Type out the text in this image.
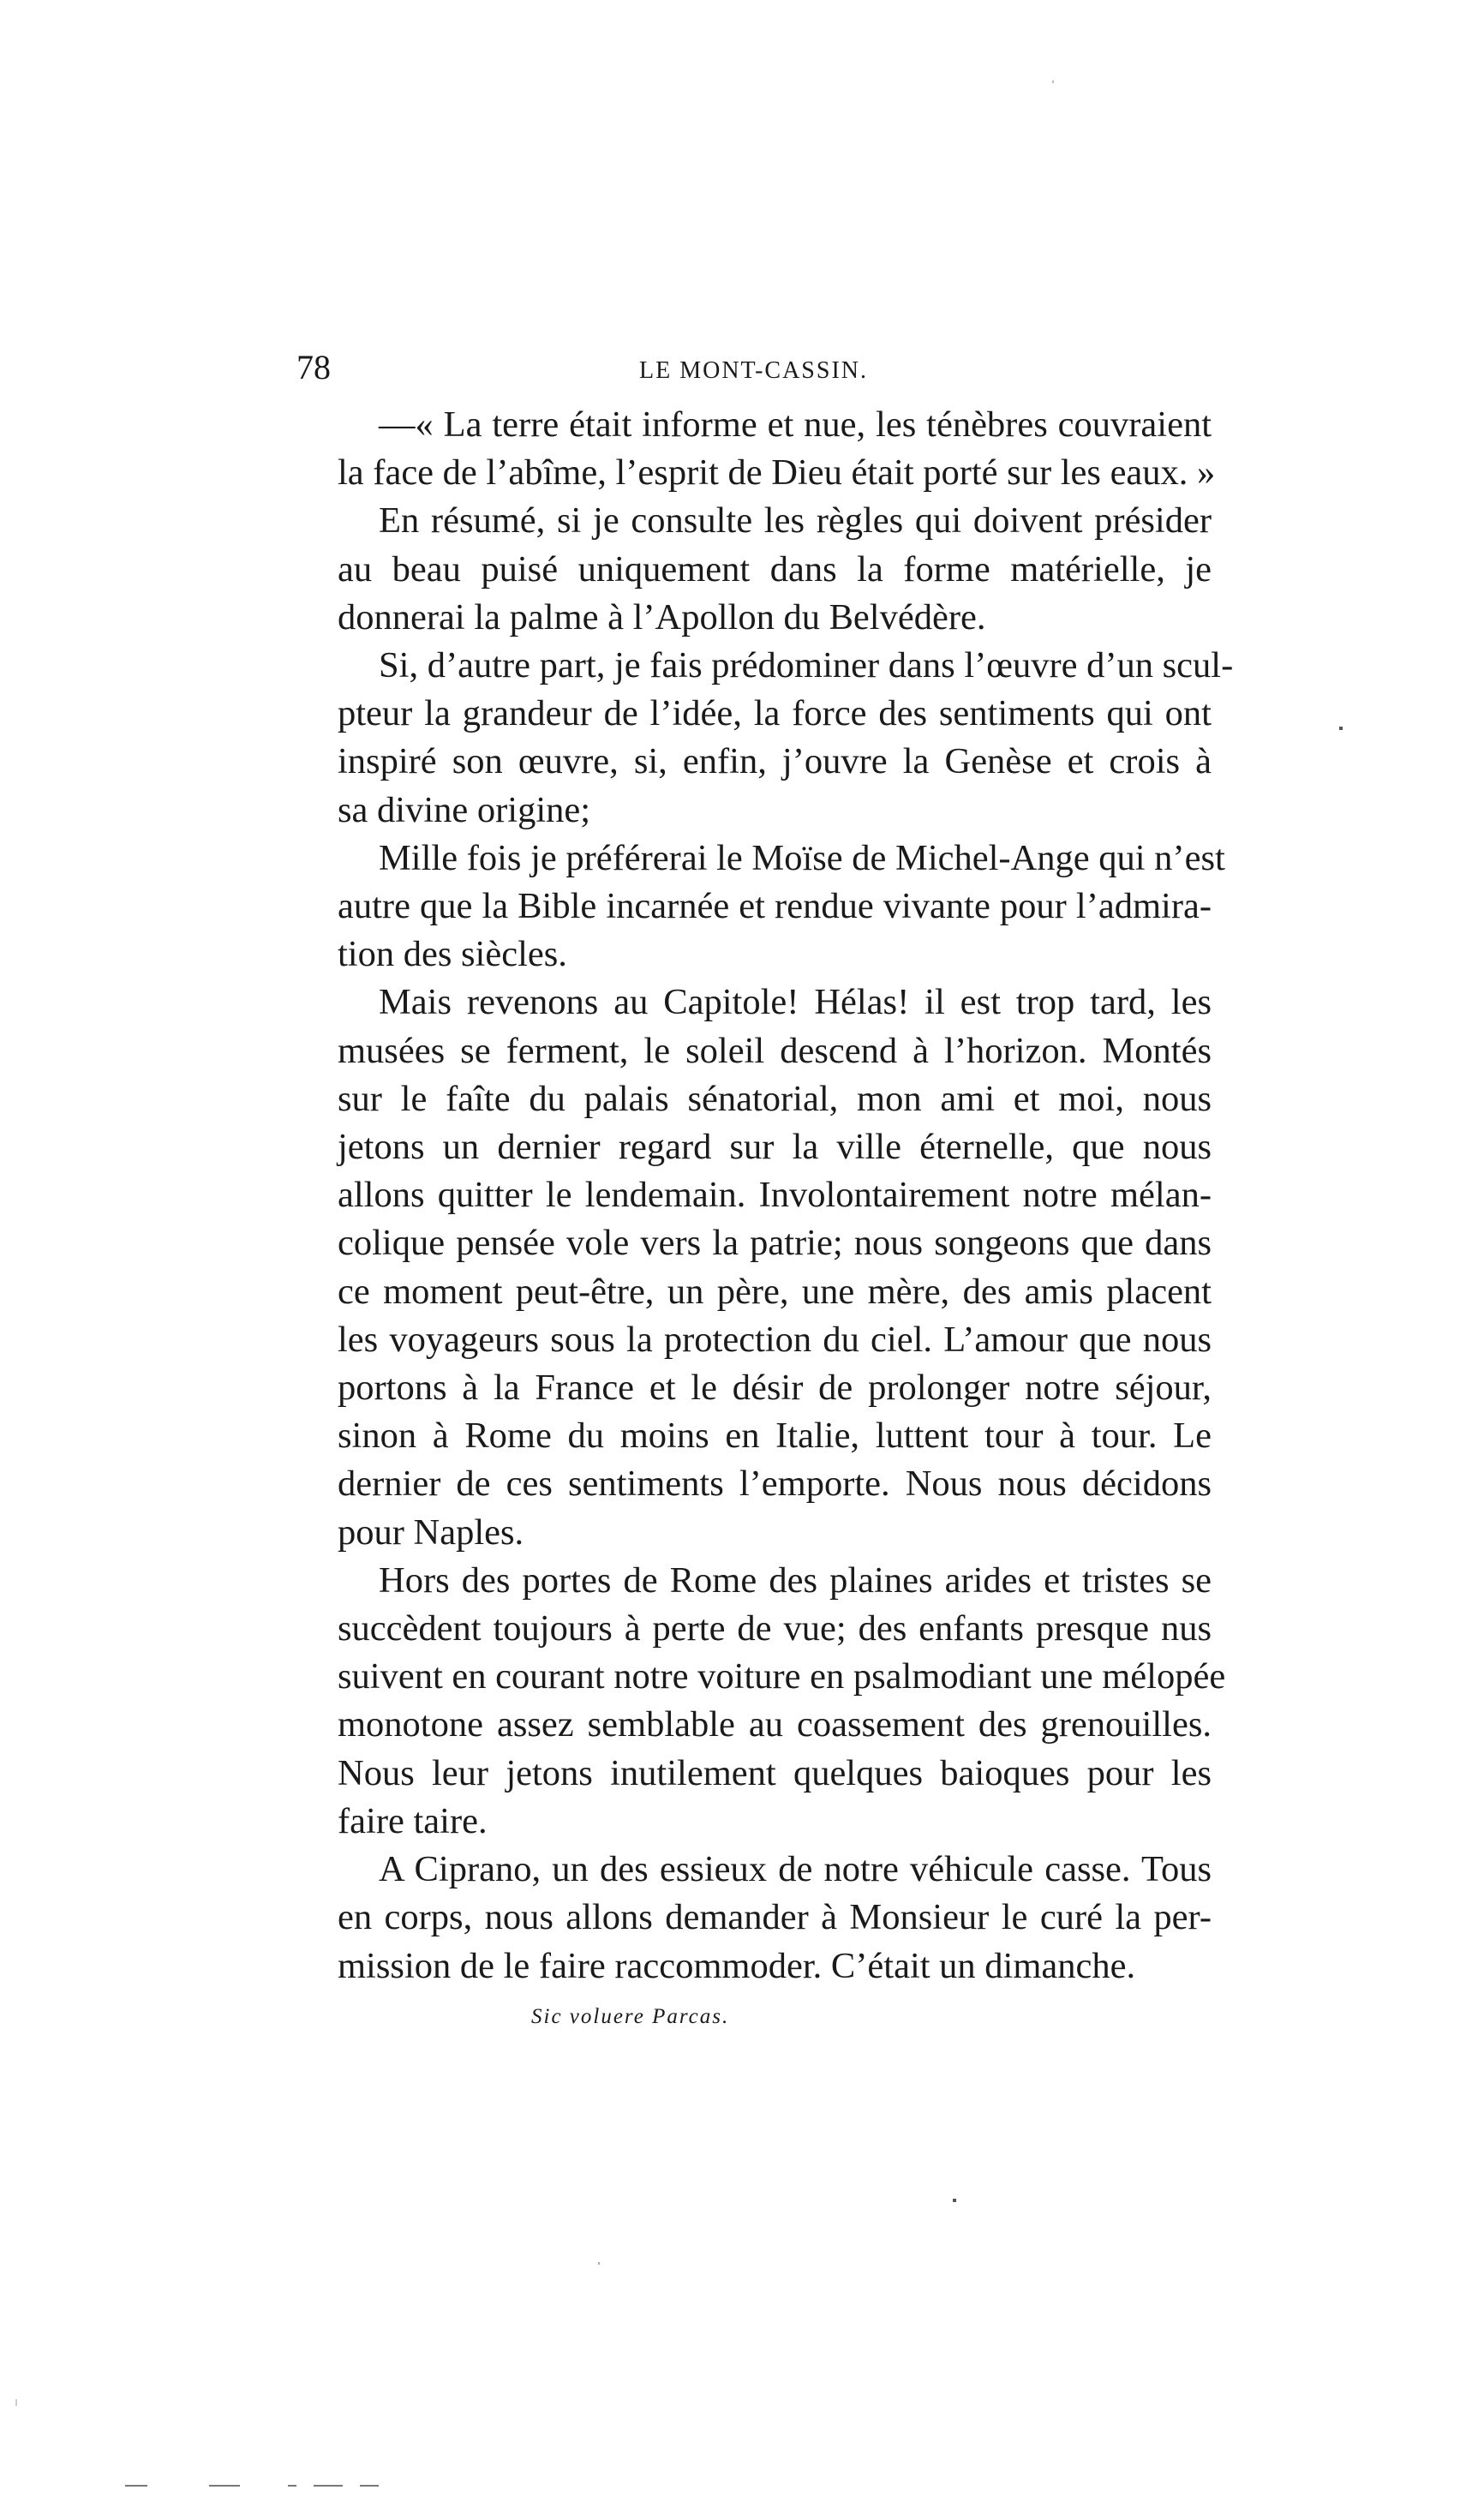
78	LE MONT-CASSIN.
—« La terre était informe et nue, les ténèbres couvraient
la face de l’abîme, l’esprit de Dieu était porté sur les eaux. »
En résumé, si je consulte les règles qui doivent présider
au beau puisé uniquement dans la forme matérielle, je
donnerai la palme à l’Apollon du Belvédère.
Si, d’autre part, je fais prédominer dans l’œuvre d’un scul-
pteur la grandeur de l’idée, la force des sentiments qui ont
inspiré son œuvre, si, enfin, j’ouvre la Genèse et crois à
sa divine origine;
Mille fois je préférerai le Moïse de Michel-Ange qui n’est
autre que la Bible incarnée et rendue vivante pour l’admira-
tion des siècles.
Mais revenons au Capitole! Hélas! il est trop tard, les
musées se ferment, le soleil descend à l’horizon. Montés
sur le faîte du palais sénatorial, mon ami et moi, nous
jetons un dernier regard sur la ville éternelle, que nous
allons quitter le lendemain. Involontairement notre mélan-
colique pensée vole vers la patrie; nous songeons que dans
ce moment peut-être, un père, une mère, des amis placent
les voyageurs sous la protection du ciel. L’amour que nous
portons à la France et le désir de prolonger notre séjour,
sinon à Rome du moins en Italie, luttent tour à tour. Le
dernier de ces sentiments l’emporte. Nous nous décidons
pour Naples.
Hors des portes de Rome des plaines arides et tristes se
succèdent toujours à perte de vue; des enfants presque nus
suivent en courant notre voiture en psalmodiant une mélopée
monotone assez semblable au coassement des grenouilles.
Nous leur jetons inutilement quelques baioques pour les
faire taire.
A Ciprano, un des essieux de notre véhicule casse. Tous
en corps, nous allons demander à Monsieur le curé la per-
mission de le faire raccommoder. C’était un dimanche.
Sic voluere Parcas.
